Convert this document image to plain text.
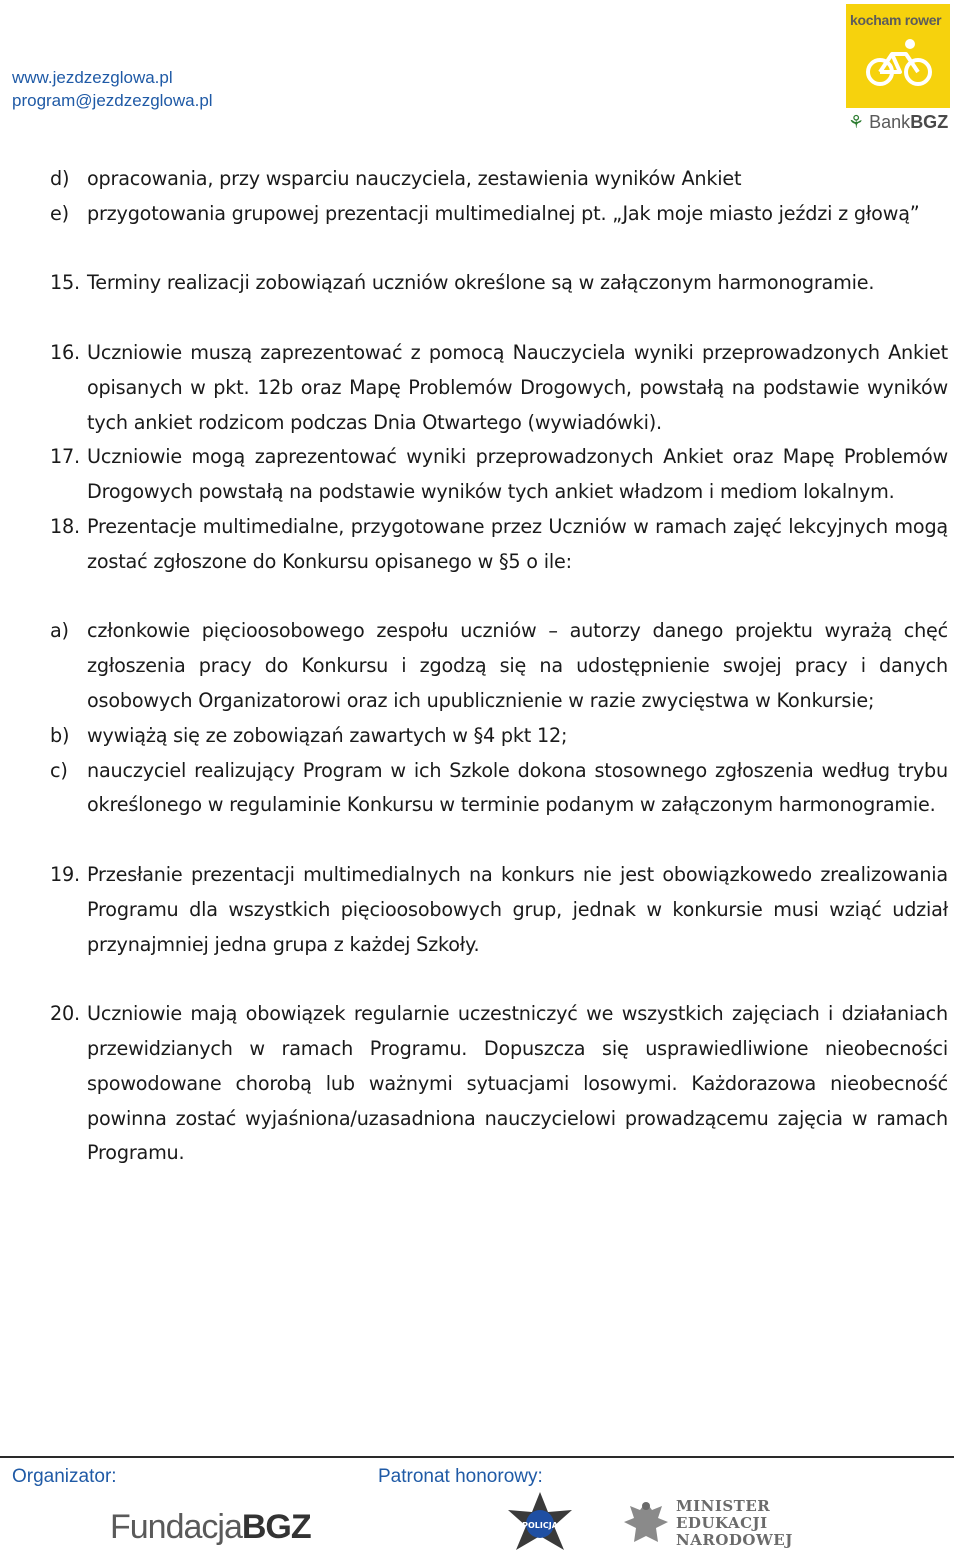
www.jezdzezglowa.pl
program@jezdzezglowa.pl
kocham rower
⚘ BankBGZ
d) opracowania, przy wsparciu nauczyciela, zestawienia wyników Ankiet
e) przygotowania grupowej prezentacji multimedialnej pt. „Jak moje miasto jeździ z głową”
15. Terminy realizacji zobowiązań uczniów określone są w załączonym harmonogramie.
16. Uczniowie muszą zaprezentować z pomocą Nauczyciela wyniki przeprowadzonych Ankiet opisanych w pkt. 12b oraz Mapę Problemów Drogowych, powstałą na podstawie wyników tych ankiet rodzicom podczas Dnia Otwartego (wywiadówki).
17. Uczniowie mogą zaprezentować wyniki przeprowadzonych Ankiet oraz Mapę Problemów Drogowych powstałą na podstawie wyników tych ankiet władzom i mediom lokalnym.
18. Prezentacje multimedialne, przygotowane przez Uczniów w ramach zajęć lekcyjnych mogą zostać zgłoszone do Konkursu opisanego w §5 o ile:
a) członkowie pięcioosobowego zespołu uczniów – autorzy danego projektu wyrażą chęć zgłoszenia pracy do Konkursu i zgodzą się na udostępnienie swojej pracy i danych osobowych Organizatorowi oraz ich upublicznienie w razie zwycięstwa w Konkursie;
b) wywiążą się ze zobowiązań zawartych w §4 pkt 12;
c)	nauczyciel realizujący Program w ich Szkole dokona stosownego zgłoszenia według trybu określonego w regulaminie Konkursu w terminie podanym w załączonym harmonogramie.
19. Przesłanie prezentacji multimedialnych na konkurs nie jest obowiązkowedo zrealizowania Programu dla wszystkich pięcioosobowych grup, jednak w konkursie musi wziąć udział przynajmniej jedna grupa z każdej Szkoły.
20. Uczniowie mają obowiązek regularnie uczestniczyć we wszystkich zajęciach i działaniach przewidzianych w ramach Programu. Dopuszcza się usprawiedliwione nieobecności spowodowane chorobą lub ważnymi sytuacjami losowymi. Każdorazowa nieobecność powinna zostać wyjaśniona/uzasadniona nauczycielowi prowadzącemu zajęcia w ramach Programu.
Organizator:	Patronat honorowy:
FundacjaBGZ	POLICJA
MINISTER
EDUKACJI
NARODOWEJ
